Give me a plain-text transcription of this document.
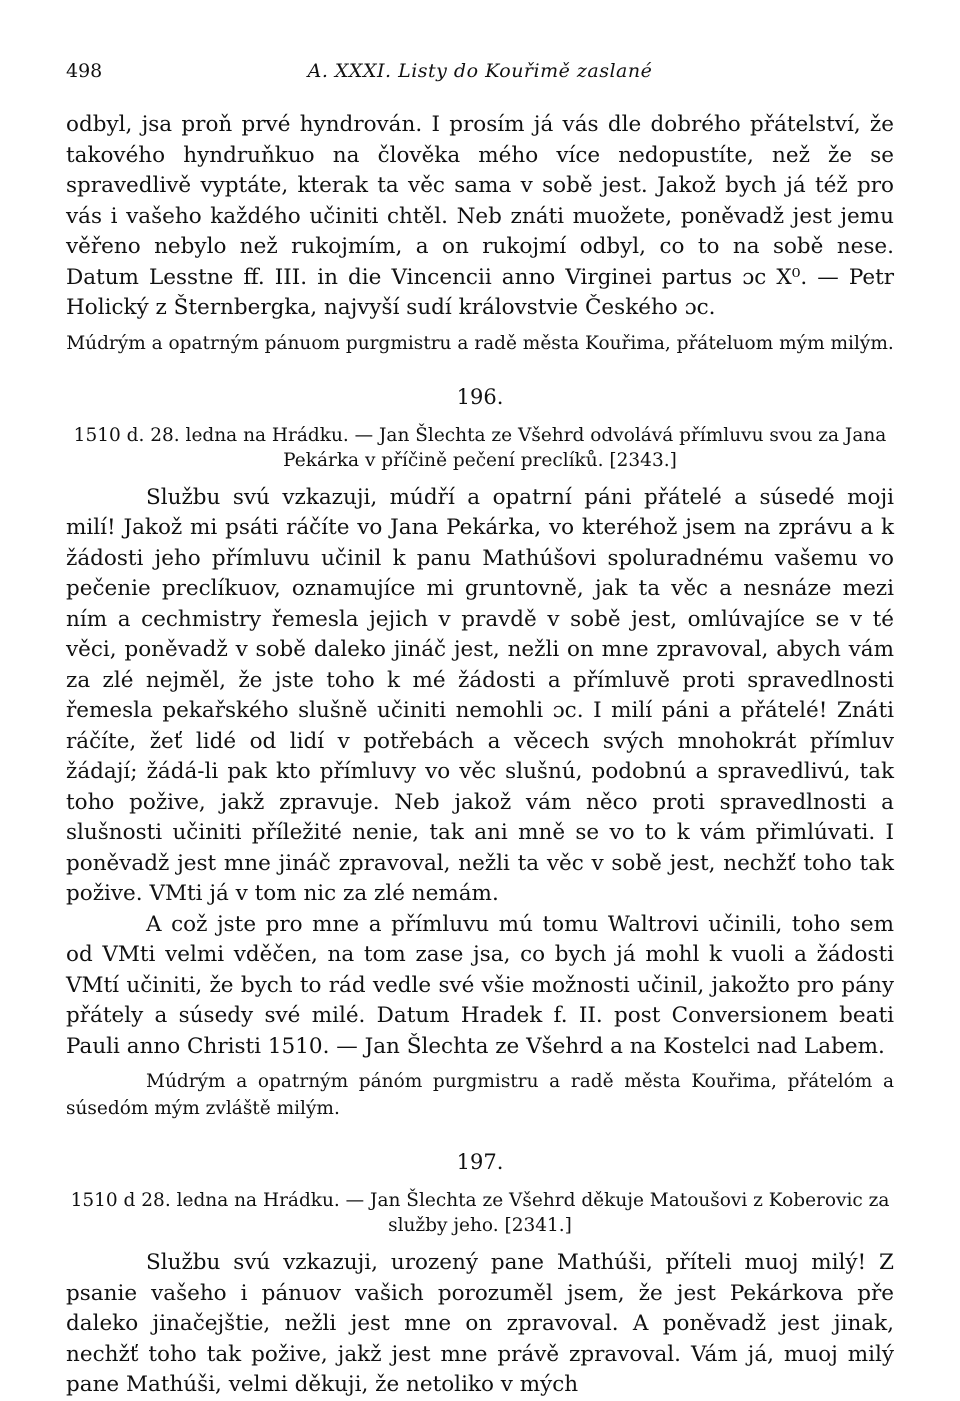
498	A. XXXI. Listy do Kouřimě zaslané

odbyl, jsa proň prvé hyndrován. I prosím já vás dle dobrého přátelství, že takového hyndruňkuo na člověka mého více nedopustíte, než že se spravedlivě vyptáte, kterak ta věc sama v sobě jest. Jakož bych já též pro vás i vašeho každého učiniti chtěl. Neb znáti muožete, poněvadž jest jemu věřeno nebylo než rukojmím, a on rukojmí odbyl, co to na sobě nese. Datum Lesstne ff. III. in die Vincencii anno Virginei partus ɔc X⁰. — Petr Holický z Šternbergka, najvyší sudí královstvie Českého ɔc.

Múdrým a opatrným pánuom purgmistru a radě města Kouřima, přáteluom mým milým.

196.

1510 d. 28. ledna na Hrádku. — Jan Šlechta ze Všehrd odvolává přímluvu svou za Jana Pekárka v příčině pečení preclíků. [2343.]

Službu svú vzkazuji, múdří a opatrní páni přátelé a súsedé moji milí! Jakož mi psáti ráčíte vo Jana Pekárka, vo kteréhož jsem na zprávu a k žádosti jeho přímluvu učinil k panu Mathúšovi spoluradnému vašemu vo pečenie preclíkuov, oznamujíce mi gruntovně, jak ta věc a nesnáze mezi ním a cechmistry řemesla jejich v pravdě v sobě jest, omlúvajíce se v té věci, poněvadž v sobě daleko jináč jest, nežli on mne zpravoval, abych vám za zlé nejměl, že jste toho k mé žádosti a přímluvě proti spravedlnosti řemesla pekařského slušně učiniti nemohli ɔc. I milí páni a přátelé! Znáti ráčíte, žeť lidé od lidí v potřebách a věcech svých mnohokrát přímluv žádají; žádá-li pak kto přímluvy vo věc slušnú, podobnú a spravedlivú, tak toho požive, jakž zpravuje. Neb jakož vám něco proti spravedlnosti a slušnosti učiniti příležité nenie, tak ani mně se vo to k vám přimlúvati. I poněvadž jest mne jináč zpravoval, nežli ta věc v sobě jest, nechžť toho tak požive. VMti já v tom nic za zlé nemám.

A což jste pro mne a přímluvu mú tomu Waltrovi učinili, toho sem od VMti velmi vděčen, na tom zase jsa, co bych já mohl k vuoli a žádosti VMtí učiniti, že bych to rád vedle své všie možnosti učinil, jakožto pro pány přátely a súsedy své milé. Datum Hradek f. II. post Conversionem beati Pauli anno Christi 1510. — Jan Šlechta ze Všehrd a na Kostelci nad Labem.

Múdrým a opatrným pánóm purgmistru a radě města Kouřima, přátelóm a súsedóm mým zvláště milým.

197.

1510 d 28. ledna na Hrádku. — Jan Šlechta ze Všehrd děkuje Matoušovi z Koberovic za služby jeho. [2341.]

Službu svú vzkazuji, urozený pane Mathúši, příteli muoj milý! Z psanie vašeho i pánuov vašich porozuměl jsem, že jest Pekárkova pře daleko jinačejštie, nežli jest mne on zpravoval. A poněvadž jest jinak, nechžť toho tak požive, jakž jest mne právě zpravoval. Vám já, muoj milý pane Mathúši, velmi děkuji, že netoliko v mých
